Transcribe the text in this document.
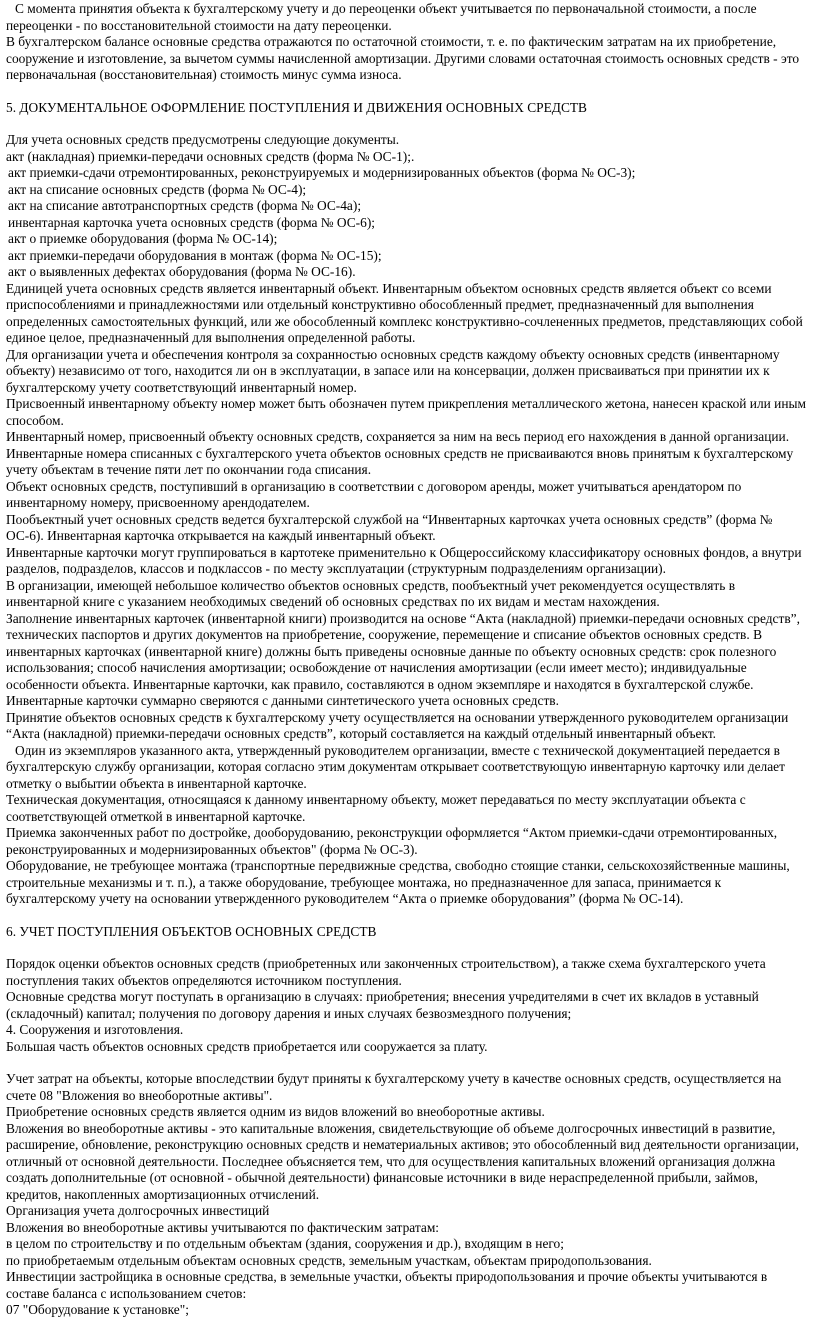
С момента принятия объекта к бухгалтерскому учету и до переоценки объект учитывается по первоначальной стоимости, а после переоценки - по восстановительной стоимости на дату переоценки.

В бухгалтерском балансе основные средства отражаются по остаточной стоимости, т. е. по фактическим затратам на их приобретение, сооружение и изготовление, за вычетом суммы начисленной амортизации. Другими словами остаточная стоимость основных средств - это первоначальная (восстановительная) стоимость минус сумма износа.

5. ДОКУМЕНТАЛЬНОЕ ОФОРМЛЕНИЕ ПОСТУПЛЕНИЯ И ДВИЖЕНИЯ ОСНОВНЫХ СРЕДСТВ

Для учета основных средств предусмотрены следующие документы.

акт (накладная) приемки-передачи основных средств (форма № ОС-1);.

акт приемки-сдачи отремонтированных, реконструируемых и модернизированных объектов (форма № ОС-3);

акт на списание основных средств (форма № ОС-4);

акт на списание автотранспортных средств (форма № ОС-4а);

инвентарная карточка учета основных средств (форма № ОС-6);

акт о приемке оборудования (форма № ОС-14);

акт приемки-передачи оборудования в монтаж (форма № ОС-15);

акт о выявленных дефектах оборудования (форма № ОС-16).

Единицей учета основных средств является инвентарный объект. Инвентарным объектом основных средств является объект со всеми приспособлениями и принадлежностями или отдельный конструктивно обособленный предмет, предназначенный для выполнения определенных самостоятельных функций, или же обособленный комплекс конструктивно-сочлененных предметов, представляющих собой единое целое, предназначенный для выполнения определенной работы.

Для организации учета и обеспечения контроля за сохранностью основных средств каждому объекту основных средств (инвентарному объекту) независимо от того, находится ли он в эксплуатации, в запасе или на консервации, должен присваиваться при принятии их к бухгалтерскому учету соответствующий инвентарный номер.

Присвоенный инвентарному объекту номер может быть обозначен путем прикрепления металлического жетона, нанесен краской или иным способом.

Инвентарный номер, присвоенный объекту основных средств, сохраняется за ним на весь период его нахождения в данной организации.

Инвентарные номера списанных с бухгалтерского учета объектов основных средств не присваиваются вновь принятым к бухгалтерскому учету объектам в течение пяти лет по окончании года списания.

Объект основных средств, поступивший в организацию в соответствии с договором аренды, может учитываться арендатором по инвентарному номеру, присвоенному арендодателем.

Пообъектный учет основных средств ведется бухгалтерской службой на “Инвентарных карточках учета основных средств” (форма № ОС-6). Инвентарная карточка открывается на каждый инвентарный объект.

Инвентарные карточки могут группироваться в картотеке применительно к Общероссийскому классификатору основных фондов, а внутри разделов, подразделов, классов и подклассов - по месту эксплуатации (структурным подразделениям организации).

В организации, имеющей небольшое количество объектов основных средств, пообъектный учет рекомендуется осуществлять в инвентарной книге с указанием необходимых сведений об основных средствах по их видам и местам нахождения.

Заполнение инвентарных карточек (инвентарной книги) производится на основе “Акта (накладной) приемки-передачи основных средств”, технических паспортов и других документов на приобретение, сооружение, перемещение и списание объектов основных средств. В инвентарных карточках (инвентарной книге) должны быть приведены основные данные по объекту основных средств: срок полезного использования; способ начисления амортизации; освобождение от начисления амортизации (если имеет место); индивидуальные особенности объекта. Инвентарные карточки, как правило, составляются в одном экземпляре и находятся в бухгалтерской службе.

Инвентарные карточки суммарно сверяются с данными синтетического учета основных средств.

Принятие объектов основных средств к бухгалтерскому учету осуществляется на основании утвержденного руководителем организации “Акта (накладной) приемки-передачи основных средств”, который составляется на каждый отдельный инвентарный объект.

Один из экземпляров указанного акта, утвержденный руководителем организации, вместе с технической документацией передается в бухгалтерскую службу организации, которая согласно этим документам открывает соответствующую инвентарную карточку или делает отметку о выбытии объекта в инвентарной карточке.

Техническая документация, относящаяся к данному инвентарному объекту, может передаваться по месту эксплуатации объекта с соответствующей отметкой в инвентарной карточке.

Приемка законченных работ по достройке, дооборудованию, реконструкции оформляется “Актом приемки-сдачи отремонтированных, реконструированных и модернизированных объектов" (форма № ОС-3).

Оборудование, не требующее монтажа (транспортные передвижные средства, свободно стоящие станки, сельскохозяйственные машины, строительные механизмы и т. п.), а также оборудование, требующее монтажа, но предназначенное для запаса, принимается к бухгалтерскому учету на основании утвержденного руководителем “Акта о приемке оборудования” (форма № ОС-14).

6. УЧЕТ ПОСТУПЛЕНИЯ ОБЪЕКТОВ ОСНОВНЫХ СРЕДСТВ

Порядок оценки объектов основных средств (приобретенных или законченных строительством), а также схема бухгалтерского учета поступления таких объектов определяются источником поступления.

Основные средства могут поступать в организацию в случаях: приобретения; внесения учредителями в счет их вкладов в уставный (складочный) капитал; получения по договору дарения и иных случаях безвозмездного получения;

4. Сооружения и изготовления.

Большая часть объектов основных средств приобретается или сооружается за плату.

Учет затрат на объекты, которые впоследствии будут приняты к бухгалтерскому учету в качестве основных средств, осуществляется на счете 08 "Вложения во внеоборотные активы".

Приобретение основных средств является одним из видов вложений во внеоборотные активы.

Вложения во внеоборотные активы - это капитальные вложения, свидетельствующие об объеме долгосрочных инвестиций в развитие, расширение, обновление, реконструкцию основных средств и нематериальных активов; это обособленный вид деятельности организации, отличный от основной деятельности. Последнее объясняется тем, что для осуществления капитальных вложений организация должна создать дополнительные (от основной - обычной деятельности) финансовые источники в виде нераспределенной прибыли, займов, кредитов, накопленных амортизационных отчислений.

Организация учета долгосрочных инвестиций

Вложения во внеоборотные активы учитываются по фактическим затратам:

в целом по строительству и по отдельным объектам (здания, сооружения и др.), входящим в него;

по приобретаемым отдельным объектам основных средств, земельным участкам, объектам природопользования.

Инвестиции застройщика в основные средства, в земельные участки, объекты природопользования и прочие объекты учитываются в составе баланса с использованием счетов:

07 "Оборудование к установке";
